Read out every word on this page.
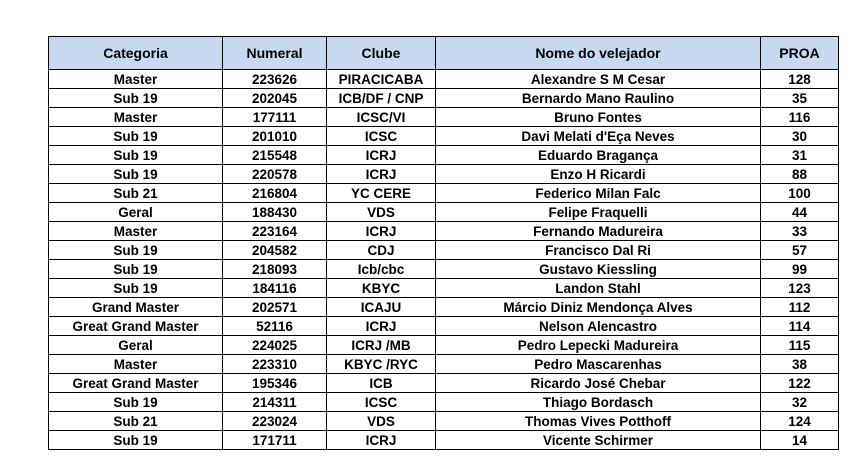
Categoria	Numeral	Clube	Nome do velejador	PROA
Master	223626	PIRACICABA	Alexandre S M Cesar	128
Sub 19	202045	ICB/DF / CNP	Bernardo Mano Raulino	35
Master	177111	ICSC/VI	Bruno Fontes	116
Sub 19	201010	ICSC	Davi Melati d'Eça Neves	30
Sub 19	215548	ICRJ	Eduardo Bragança	31
Sub 19	220578	ICRJ	Enzo H Ricardi	88
Sub 21	216804	YC CERE	Federico Milan Falc	100
Geral	188430	VDS	Felipe Fraquelli	44
Master	223164	ICRJ	Fernando Madureira	33
Sub 19	204582	CDJ	Francisco Dal Ri	57
Sub 19	218093	Icb/cbc	Gustavo Kiessling	99
Sub 19	184116	KBYC	Landon Stahl	123
Grand Master	202571	ICAJU	Márcio Diniz Mendonça Alves	112
Great Grand Master	52116	ICRJ	Nelson Alencastro	114
Geral	224025	ICRJ /MB	Pedro Lepecki Madureira	115
Master	223310	KBYC /RYC	Pedro Mascarenhas	38
Great Grand Master	195346	ICB	Ricardo José Chebar	122
Sub 19	214311	ICSC	Thiago Bordasch	32
Sub 21	223024	VDS	Thomas Vives Potthoff	124
Sub 19	171711	ICRJ	Vicente Schirmer	14
